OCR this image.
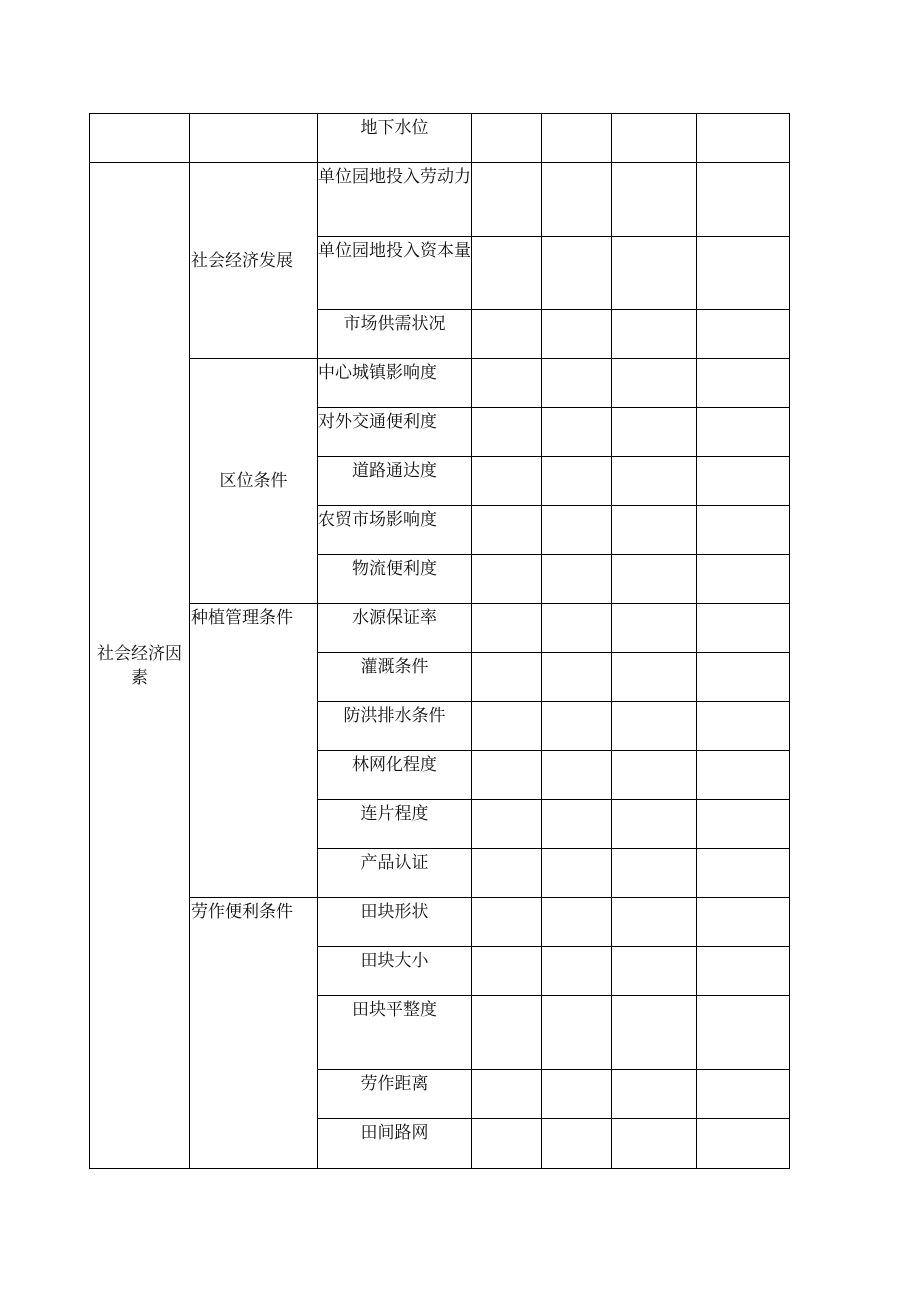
		地下水位				
社会经济因素	社会经济发展	单位园地投入劳动力				
		单位园地投入资本量				
		市场供需状况				
	区位条件	中心城镇影响度				
		对外交通便利度				
		道路通达度				
		农贸市场影响度				
		物流便利度				
	种植管理条件	水源保证率				
		灌溉条件				
		防洪排水条件				
		林网化程度				
		连片程度				
		产品认证				
	劳作便利条件	田块形状				
		田块大小				
		田块平整度				
		劳作距离				
		田间路网				
